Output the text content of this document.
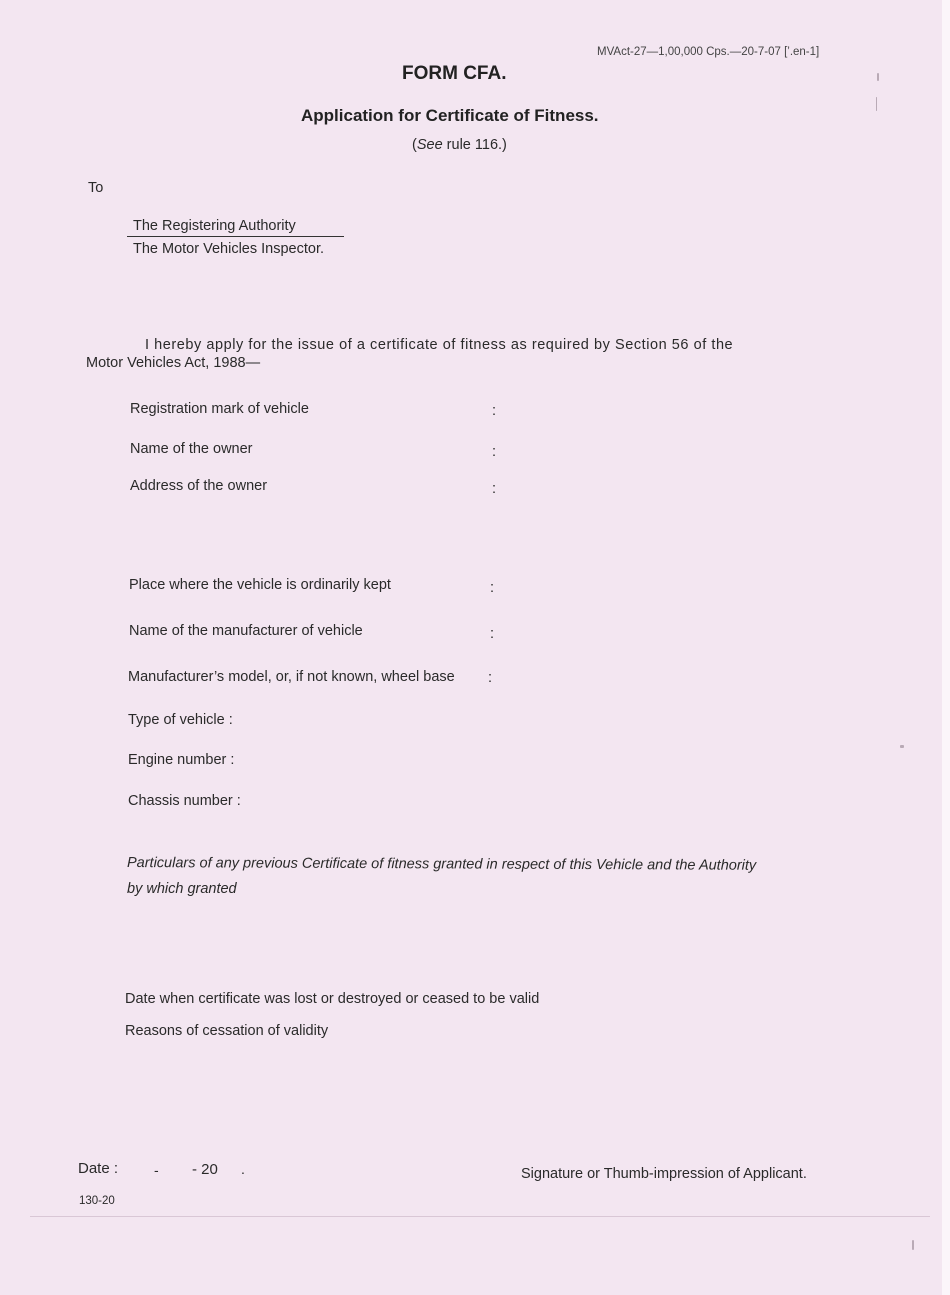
MVAct-27—1,00,000 Cps.—20-7-07 [’.en-1]
FORM CFA.
Application for Certificate of Fitness.
(See rule 116.)
To
The Registering Authority
The Motor Vehicles Inspector.
I hereby apply for the issue of a certificate of fitness as required by Section 56 of the
Motor Vehicles Act, 1988—
Registration mark of vehicle	:
Name of the owner	:
Address of the owner	:
Place where the vehicle is ordinarily kept	:
Name of the manufacturer of vehicle	:
Manufacturer’s model, or, if not known, wheel base :
Type of vehicle :
Engine number :
Chassis number :
Particulars of any previous Certificate of fitness granted in respect of this Vehicle and the Authority
by which granted
Date when certificate was lost or destroyed or ceased to be valid
Reasons of cessation of validity
Date :	- - 20 .	Signature or Thumb-impression of Applicant.
130-20
